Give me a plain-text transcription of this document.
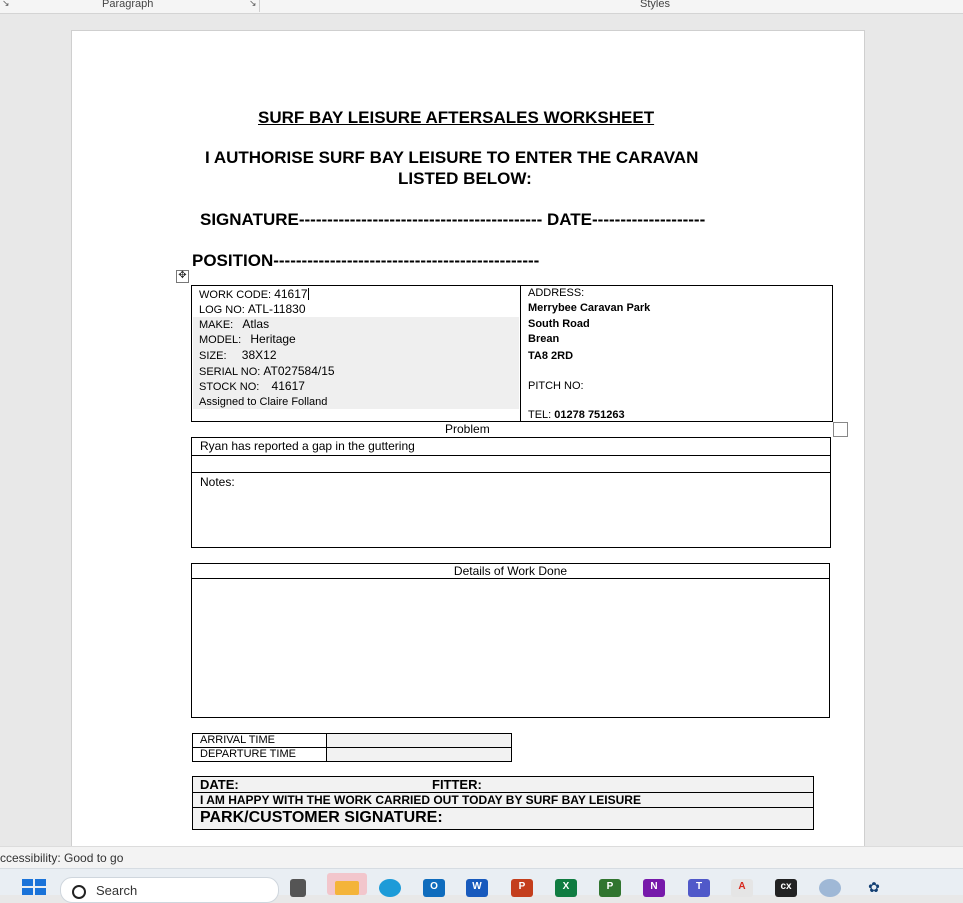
↘	Paragraph	↘	Styles
SURF BAY LEISURE AFTERSALES WORKSHEET
I AUTHORISE SURF BAY LEISURE TO ENTER THE CARAVAN
LISTED BELOW:
SIGNATURE------------------------------------------- DATE--------------------
POSITION-----------------------------------------------
✥
WORK CODE: 41617
LOG NO: ATL-11830
MAKE: Atlas
MODEL: Heritage
SIZE: 38X12
SERIAL NO: AT027584/15
STOCK NO: 41617
Assigned to Claire Folland
ADDRESS:
Merrybee Caravan Park
South Road
Brean
TA8 2RD
PITCH NO:
TEL: 01278 751263
Problem
Ryan has reported a gap in the guttering
Notes:
Details of Work Done
ARRIVAL TIME
DEPARTURE TIME
DATE:	FITTER:
I AM HAPPY WITH THE WORK CARRIED OUT TODAY BY SURF BAY LEISURE
PARK/CUSTOMER SIGNATURE:
ccessibility: Good to go
Search	O	W	P	X	P	N	T	A	cx	✿
